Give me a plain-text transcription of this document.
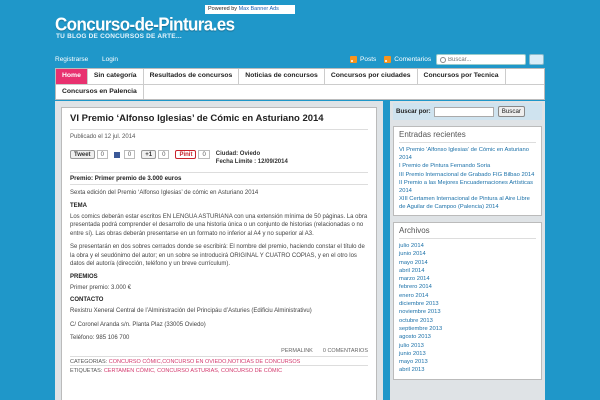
Powered by Max Banner Ads
Concurso-de-Pintura.es
TU BLOG DE CONCURSOS DE ARTE...
Registrarse Login	Posts	Comentarios
Buscar...
Home	Sin categoría	Resultados de concursos	Noticias de concursos	Concursos por ciudades	Concursos por Tecnica
Concursos en Palencia
VI Premio ‘Alfonso Iglesias’ de Cómic en Asturiano 2014
Publicado el 12 jul. 2014
Tweet	0	0	+1	0	Pinit	0	Ciudad: Oviedo
Fecha Límite : 12/09/2014
Premio: Primer premio de 3.000 euros
Sexta edición del Premio ‘Alfonso Iglesias’ de cómic en Asturiano 2014
TEMA
Los comics deberán estar escritos EN LENGUA ASTURIANA con una extensión mínima de 50 páginas. La obra presentada podrá comprender el desarrollo de una historia única o un conjunto de historias (relacionadas o no entre sí). Las obras deberán presentarse en un formato no inferior al A4 y no superior al A3.
Se presentarán en dos sobres cerrados donde se escribirá: El nombre del premio, haciendo constar el título de la obra y el seudónimo del autor; en un sobre se introducirá ORIGINAL Y CUATRO COPIAS, y en el otro los datos del autor/a (dirección, teléfono y un breve currículum).
PREMIOS
Primer premio: 3.000 €
CONTACTO
Rexistru Xeneral Central de l’Alministración del Principáu d’Asturies (Edificiu Alministrativu)
C/ Coronel Aranda s/n. Planta Plaz (33005 Oviedo)
Teléfono: 985 106 700
PERMALINK 0 COMENTARIOS
CATEGORIAS: CONCURSO CÓMIC,CONCURSO EN OVIEDO,NOTICIAS DE CONCURSOS
ETIQUETAS: CERTAMEN CÓMIC, CONCURSO ASTURIAS, CONCURSO DE CÓMIC
Buscar por:	Buscar
Entradas recientes
VI Premio ‘Alfonso Iglesias’ de Cómic en Asturiano 2014
I Premio de Pintura Fernando Soria
III Premio Internacional de Grabado FIG Bilbao 2014
II Premio a las Mejores Encuadernaciones Artísticas 2014
XIII Certamen Internacional de Pintura al Aire Libre de Aguilar de Campoo (Palencia) 2014
Archivos
julio 2014
junio 2014
mayo 2014
abril 2014
marzo 2014
febrero 2014
enero 2014
diciembre 2013
noviembre 2013
octubre 2013
septiembre 2013
agosto 2013
julio 2013
junio 2013
mayo 2013
abril 2013
